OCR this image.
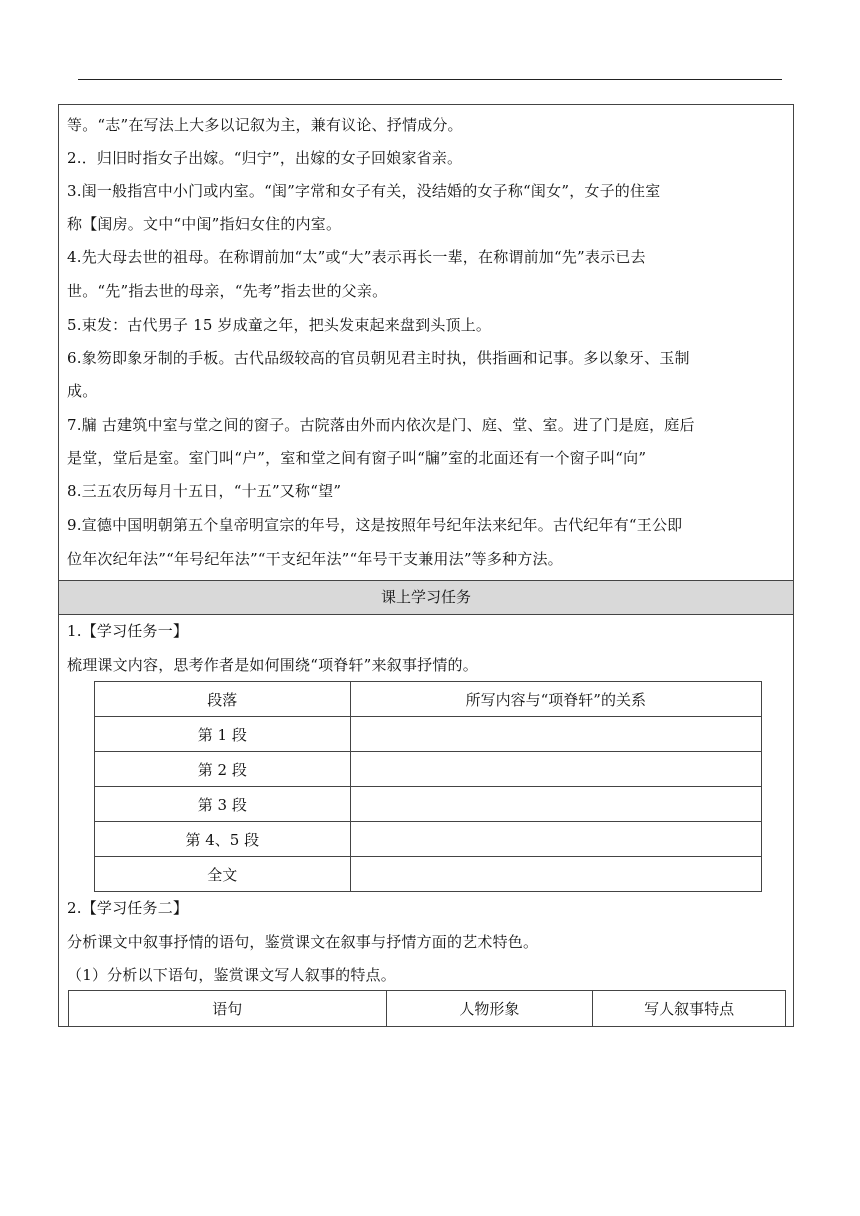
等。“志”在写法上大多以记叙为主，兼有议论、抒情成分。
2.．归旧时指女子出嫁。“归宁”，出嫁的女子回娘家省亲。
3.闺一般指宫中小门或内室。“闺”字常和女子有关，没结婚的女子称“闺女”，女子的住室
称【闺房。文中“中闺”指妇女住的内室。
4.先大母去世的祖母。在称谓前加“太”或“大”表示再长一辈，在称谓前加“先”表示已去
世。“先”指去世的母亲，“先考”指去世的父亲。
5.束发：古代男子 15 岁成童之年，把头发束起来盘到头顶上。
6.象笏即象牙制的手板。古代品级较高的官员朝见君主时执，供指画和记事。多以象牙、玉制
成。
7.牖 古建筑中室与堂之间的窗子。古院落由外而内依次是门、庭、堂、室。进了门是庭，庭后
是堂，堂后是室。室门叫“户”，室和堂之间有窗子叫“牖”室的北面还有一个窗子叫“向”
8.三五农历每月十五日，“十五”又称“望”
9.宣德中国明朝第五个皇帝明宣宗的年号，这是按照年号纪年法来纪年。古代纪年有“王公即
位年次纪年法”“年号纪年法”“干支纪年法”“年号干支兼用法”等多种方法。
课上学习任务
1.【学习任务一】
梳理课文内容，思考作者是如何围绕“项脊轩”来叙事抒情的。
段落	所写内容与“项脊轩”的关系
第 1 段	
第 2 段	
第 3 段	
第 4、5 段	
全文	
2.【学习任务二】
分析课文中叙事抒情的语句，鉴赏课文在叙事与抒情方面的艺术特色。
（1）分析以下语句，鉴赏课文写人叙事的特点。
语句	人物形象	写人叙事特点
